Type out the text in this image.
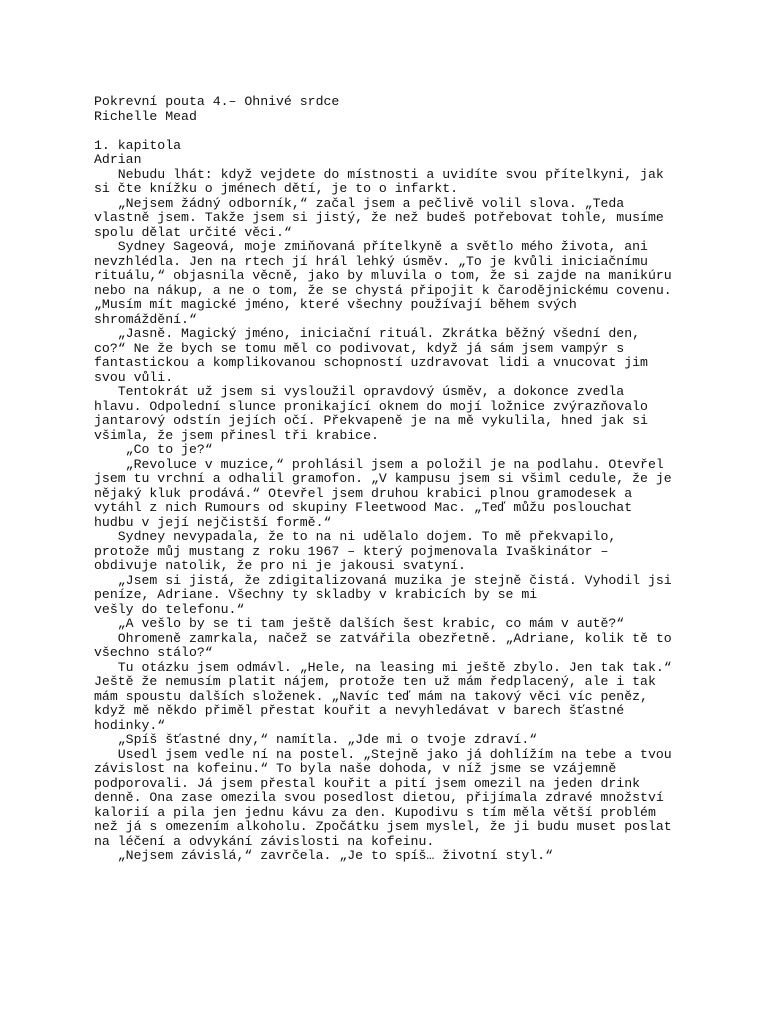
Pokrevní pouta 4.– Ohnivé srdce
Richelle Mead
1. kapitola
Adrian
Nebudu lhát: když vejdete do místnosti a uvidíte svou přítelkyni, jak
si čte knížku o jménech dětí, je to o infarkt.
„Nejsem žádný odborník,“ začal jsem a pečlivě volil slova. „Teda
vlastně jsem. Takže jsem si jistý, že než budeš potřebovat tohle, musíme
spolu dělat určité věci.“
Sydney Sageová, moje zmiňovaná přítelkyně a světlo mého života, ani
nevzhlédla. Jen na rtech jí hrál lehký úsměv. „To je kvůli iniciačnímu
rituálu,“ objasnila věcně, jako by mluvila o tom, že si zajde na manikúru
nebo na nákup, a ne o tom, že se chystá připojit k čarodějnickému covenu.
„Musím mít magické jméno, které všechny používají během svých
shromáždění.“
„Jasně. Magický jméno, iniciační rituál. Zkrátka běžný všední den,
co?“ Ne že bych se tomu měl co podivovat, když já sám jsem vampýr s
fantastickou a komplikovanou schopností uzdravovat lidi a vnucovat jim
svou vůli.
Tentokrát už jsem si vysloužil opravdový úsměv, a dokonce zvedla
hlavu. Odpolední slunce pronikající oknem do mojí ložnice zvýrazňovalo
jantarový odstín jejích očí. Překvapeně je na mě vykulila, hned jak si
všimla, že jsem přinesl tři krabice.
„Co to je?“
„Revoluce v muzice,“ prohlásil jsem a položil je na podlahu. Otevřel
jsem tu vrchní a odhalil gramofon. „V kampusu jsem si všiml cedule, že je
nějaký kluk prodává.“ Otevřel jsem druhou krabici plnou gramodesek a
vytáhl z nich Rumours od skupiny Fleetwood Mac. „Teď můžu poslouchat
hudbu v její nejčistší formě.“
Sydney nevypadala, že to na ni udělalo dojem. To mě překvapilo,
protože můj mustang z roku 1967 – který pojmenovala Ivaškinátor –
obdivuje natolik, že pro ni je jakousi svatyní.
„Jsem si jistá, že zdigitalizovaná muzika je stejně čistá. Vyhodil jsi
peníze, Adriane. Všechny ty skladby v krabicích by se mi
vešly do telefonu.“
„A vešlo by se ti tam ještě dalších šest krabic, co mám v autě?“
Ohromeně zamrkala, načež se zatvářila obezřetně. „Adriane, kolik tě to
všechno stálo?“
Tu otázku jsem odmávl. „Hele, na leasing mi ještě zbylo. Jen tak tak.“
Ještě že nemusím platit nájem, protože ten už mám ředplacený, ale i tak
mám spoustu dalších složenek. „Navíc teď mám na takový věci víc peněz,
když mě někdo přiměl přestat kouřit a nevyhledávat v barech šťastné
hodinky.“
„Spíš šťastné dny,“ namítla. „Jde mi o tvoje zdraví.“
Usedl jsem vedle ní na postel. „Stejně jako já dohlížím na tebe a tvou
závislost na kofeinu.“ To byla naše dohoda, v níž jsme se vzájemně
podporovali. Já jsem přestal kouřit a pití jsem omezil na jeden drink
denně. Ona zase omezila svou posedlost dietou, přijímala zdravé množství
kalorií a pila jen jednu kávu za den. Kupodivu s tím měla větší problém
než já s omezením alkoholu. Zpočátku jsem myslel, že ji budu muset poslat
na léčení a odvykání závislosti na kofeinu.
„Nejsem závislá,“ zavrčela. „Je to spíš… životní styl.“
